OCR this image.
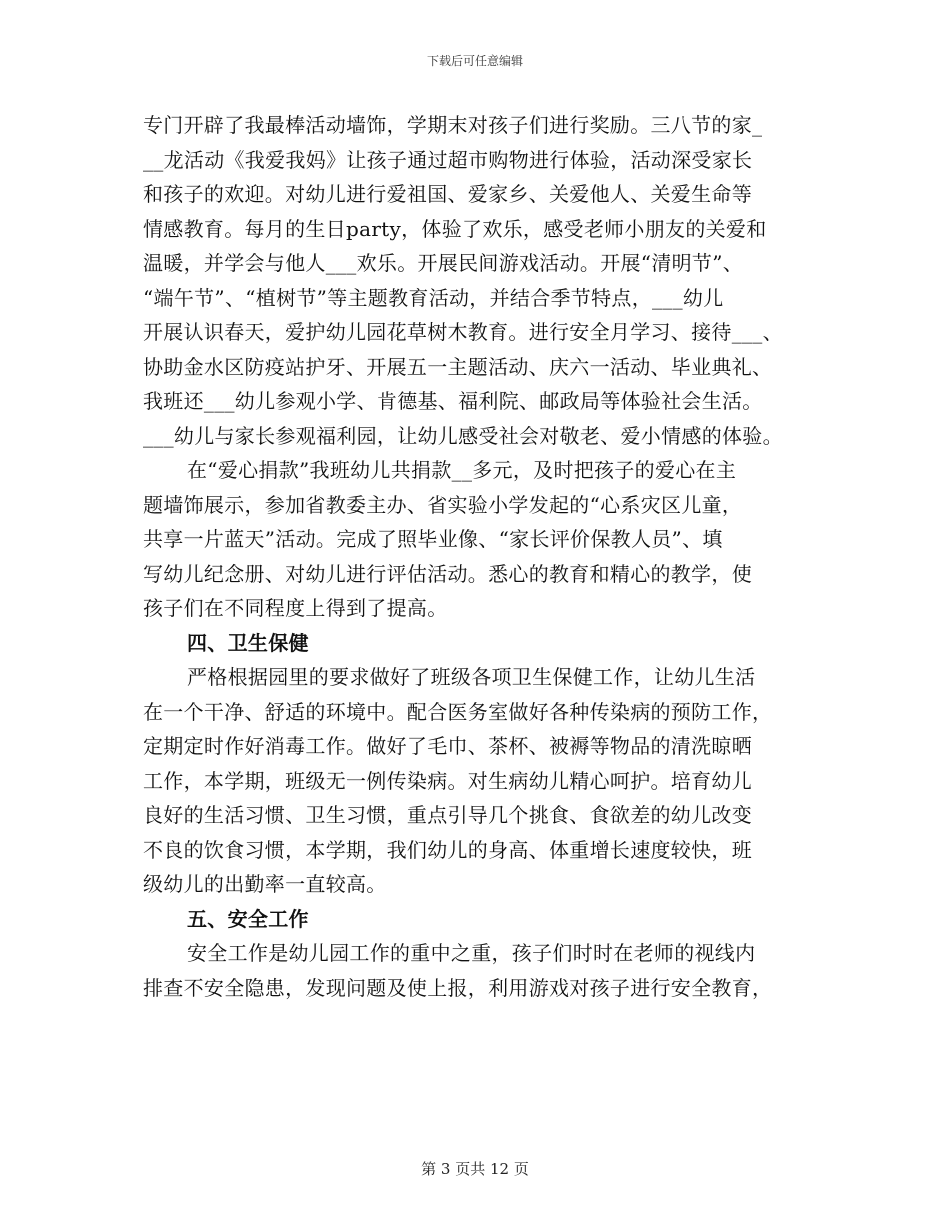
下载后可任意编辑
专门开辟了我最棒活动墙饰，学期末对孩子们进行奖励。三八节的家_
__龙活动《我爱我妈》让孩子通过超市购物进行体验，活动深受家长
和孩子的欢迎。对幼儿进行爱祖国、爱家乡、关爱他人、关爱生命等
情感教育。每月的生日party，体验了欢乐，感受老师小朋友的关爱和
温暖，并学会与他人___欢乐。开展民间游戏活动。开展“清明节”、
“端午节”、“植树节”等主题教育活动，并结合季节特点，___幼儿
开展认识春天，爱护幼儿园花草树木教育。进行安全月学习、接待___、
协助金水区防疫站护牙、开展五一主题活动、庆六一活动、毕业典礼、
我班还___幼儿参观小学、肯德基、福利院、邮政局等体验社会生活。
___幼儿与家长参观福利园，让幼儿感受社会对敬老、爱小情感的体验。
在“爱心捐款”我班幼儿共捐款__多元，及时把孩子的爱心在主
题墙饰展示，参加省教委主办、省实验小学发起的“心系灾区儿童，
共享一片蓝天”活动。完成了照毕业像、“家长评价保教人员”、填
写幼儿纪念册、对幼儿进行评估活动。悉心的教育和精心的教学，使
孩子们在不同程度上得到了提高。
四、卫生保健
严格根据园里的要求做好了班级各项卫生保健工作，让幼儿生活
在一个干净、舒适的环境中。配合医务室做好各种传染病的预防工作，
定期定时作好消毒工作。做好了毛巾、茶杯、被褥等物品的清洗晾晒
工作，本学期，班级无一例传染病。对生病幼儿精心呵护。培育幼儿
良好的生活习惯、卫生习惯，重点引导几个挑食、食欲差的幼儿改变
不良的饮食习惯，本学期，我们幼儿的身高、体重增长速度较快，班
级幼儿的出勤率一直较高。
五、安全工作
安全工作是幼儿园工作的重中之重，孩子们时时在老师的视线内
排查不安全隐患，发现问题及使上报，利用游戏对孩子进行安全教育，
第 3 页共 12 页
